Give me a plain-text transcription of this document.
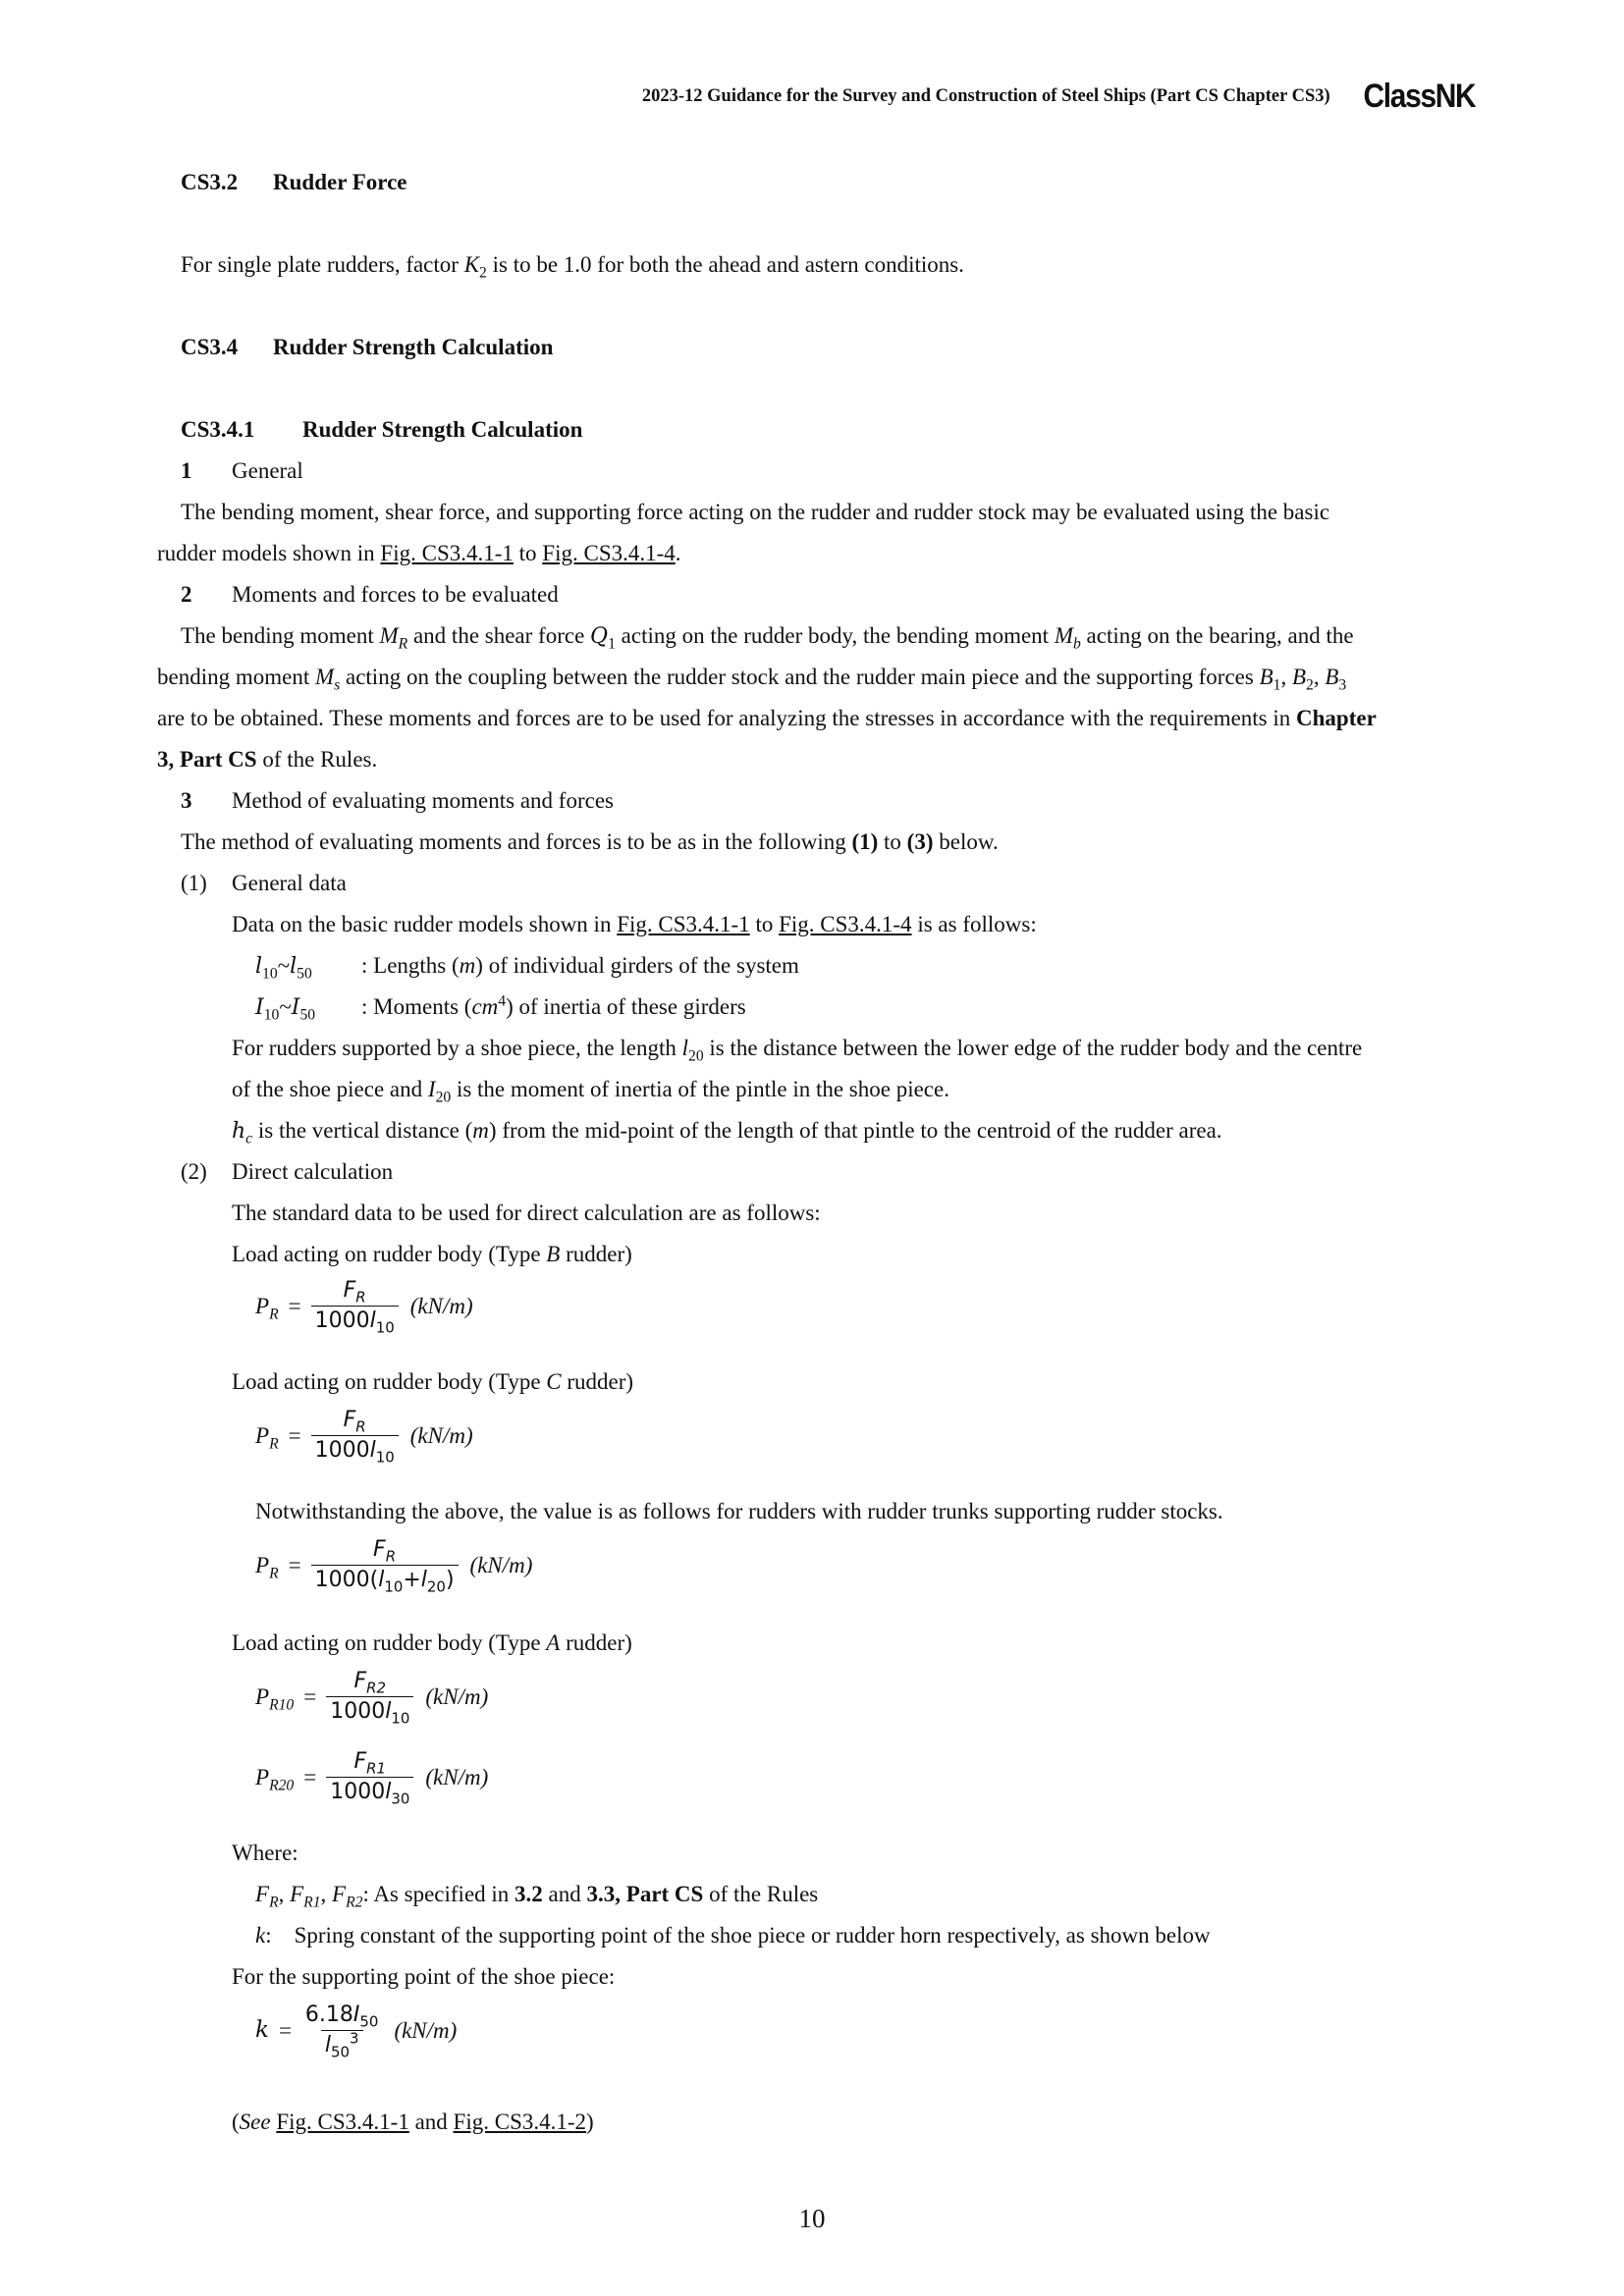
2023-12 Guidance for the Survey and Construction of Steel Ships (Part CS Chapter CS3) ClassNK
CS3.2 Rudder Force
For single plate rudders, factor $K_2$ is to be 1.0 for both the ahead and astern conditions.
CS3.4 Rudder Strength Calculation
CS3.4.1 Rudder Strength Calculation
1 General
The bending moment, shear force, and supporting force acting on the rudder and rudder stock may be evaluated using the basic
rudder models shown in Fig. CS3.4.1-1 to Fig. CS3.4.1-4.
2 Moments and forces to be evaluated
The bending moment $M_R$ and the shear force $Q_1$ acting on the rudder body, the bending moment $M_b$ acting on the bearing, and the
bending moment $M_s$ acting on the coupling between the rudder stock and the rudder main piece and the supporting forces $B_1$, $B_2$, $B_3$
are to be obtained. These moments and forces are to be used for analyzing the stresses in accordance with the requirements in Chapter
3, Part CS of the Rules.
3 Method of evaluating moments and forces
The method of evaluating moments and forces is to be as in the following (1) to (3) below.
(1) General data
Data on the basic rudder models shown in Fig. CS3.4.1-1 to Fig. CS3.4.1-4 is as follows:
$l_{10}\sim l_{50}$ : Lengths (m) of individual girders of the system
$I_{10}\sim I_{50}$ : Moments $(cm^4)$ of inertia of these girders
For rudders supported by a shoe piece, the length $l_{20}$ is the distance between the lower edge of the rudder body and the centre
of the shoe piece and $I_{20}$ is the moment of inertia of the pintle in the shoe piece.
$h_c$ is the vertical distance (m) from the mid-point of the length of that pintle to the centroid of the rudder area.
(2) Direct calculation
The standard data to be used for direct calculation are as follows:
Load acting on rudder body (Type B rudder)
$P_R = \frac{F_R}{1000l_{10}} (kN/m)$
Load acting on rudder body (Type C rudder)
$P_R = \frac{F_R}{1000l_{10}} (kN/m)$
Notwithstanding the above, the value is as follows for rudders with rudder trunks supporting rudder stocks.
$P_R = \frac{F_R}{1000(l_{10}+l_{20})} (kN/m)$
Load acting on rudder body (Type A rudder)
$P_{R10} = \frac{F_{R2}}{1000l_{10}} (kN/m)$
$P_{R20} = \frac{F_{R1}}{1000l_{30}} (kN/m)$
Where:
$F_R$, $F_{R1}$, $F_{R2}$: As specified in 3.2 and 3.3, Part CS of the Rules
k:    Spring constant of the supporting point of the shoe piece or rudder horn respectively, as shown below
For the supporting point of the shoe piece:
$k = \frac{6.18I_{50}}{l_{50}^3} (kN/m)$
(See Fig. CS3.4.1-1 and Fig. CS3.4.1-2)
10
